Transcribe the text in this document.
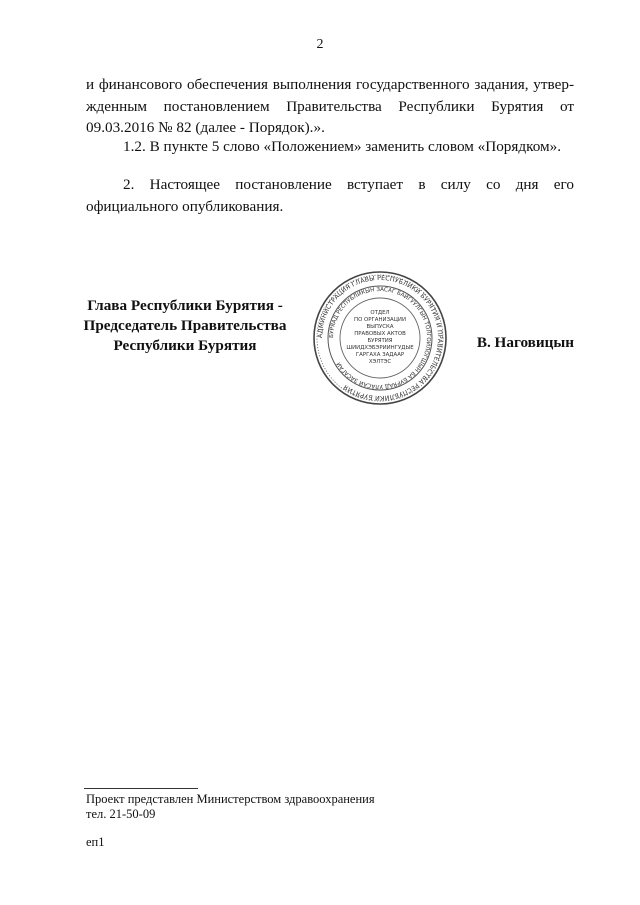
2

и финансового обеспечения выполнения государственного задания, утвержденным постановлением Правительства Республики Бурятия от 09.03.2016 № 82 (далее - Порядок).».

1.2. В пункте 5 слово «Положением» заменить словом «Порядком».

2. Настоящее постановление вступает в силу со дня его официального опубликования.

Глава Республики Бурятия -
Председатель Правительства
Республики Бурятия
АДМИНИСТРАЦИЯ ГЛАВЫ РЕСПУБЛИКИ БУРЯТИЯ И ПРАВИТЕЛЬСТВА РЕСПУБЛИКИ БУРЯТИЯ
БУРЯАД РЕСПУБЛИКЫН ЗАСАГ БАЙГУУЛГЫН ТОЛГОЙЛОГШЫН БА БУРЯАД УЛАСАЙ ЗАСАГАЙ
ОТДЕЛ
ПО ОРГАНИЗАЦИИ
ВЫПУСКА
ПРАВОВЫХ АКТОВ
БУРЯТИЯ
ШИИДХЭБЭРИИНГУДЫЕ
ГАРГАХА ЗАДААР
ХЭЛТЭС
В. Наговицын
Проект представлен Министерством здравоохранения
тел. 21-50-09
еп1
